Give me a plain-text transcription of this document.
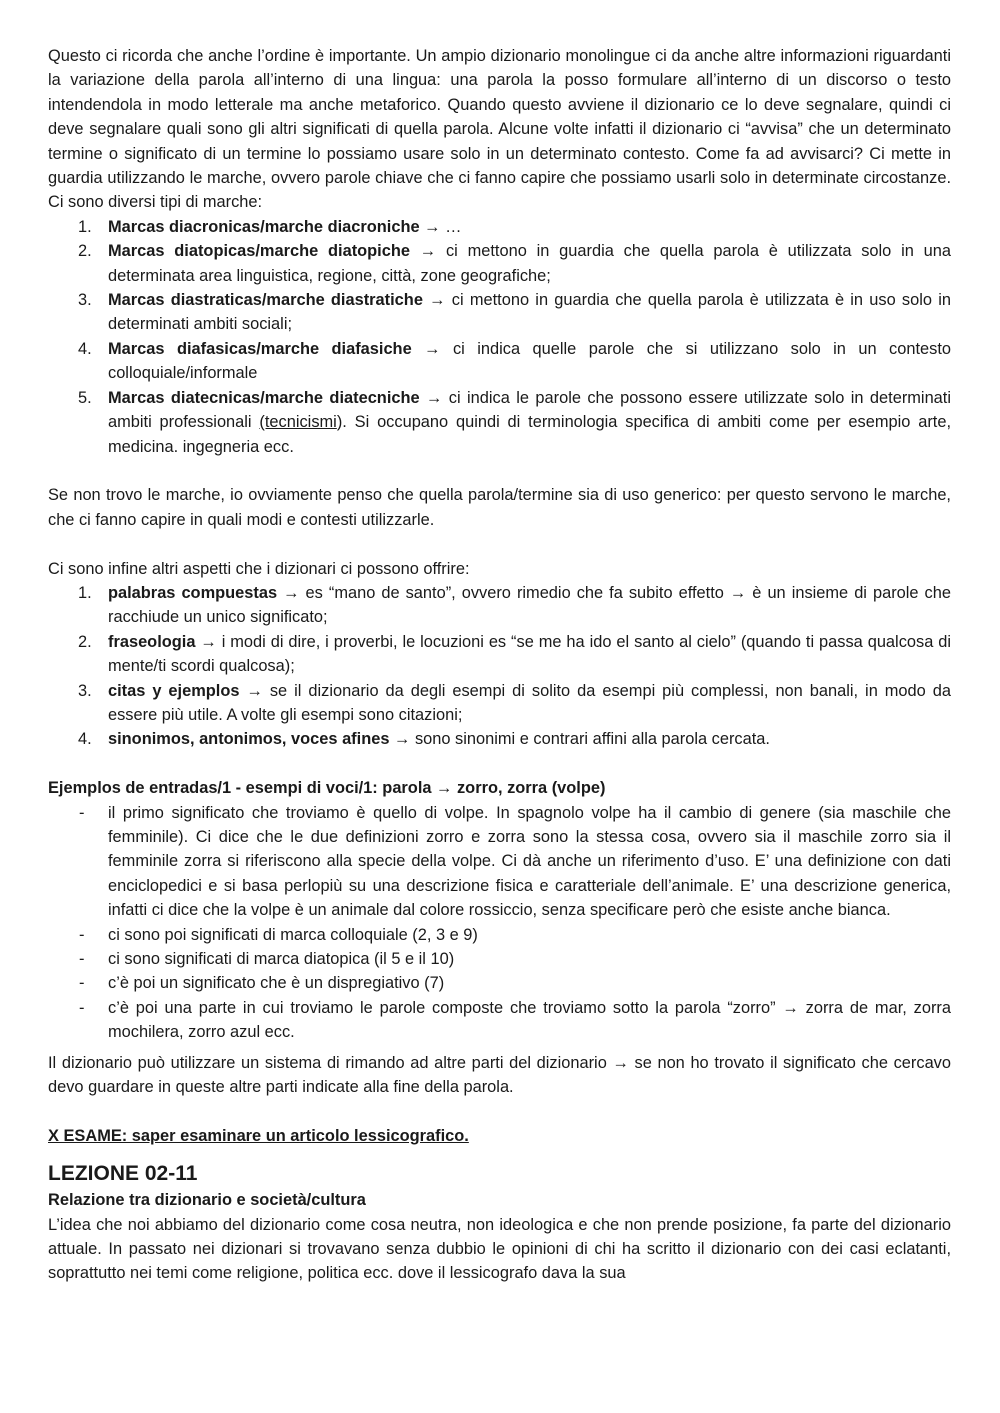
Questo ci ricorda che anche l’ordine è importante. Un ampio dizionario monolingue ci da anche altre informazioni riguardanti la variazione della parola all’interno di una lingua: una parola la posso formulare all’interno di un discorso o testo intendendola in modo letterale ma anche metaforico. Quando questo avviene il dizionario ce lo deve segnalare, quindi ci deve segnalare quali sono gli altri significati di quella parola. Alcune volte infatti il dizionario ci “avvisa” che un determinato termine o significato di un termine lo possiamo usare solo in un determinato contesto. Come fa ad avvisarci? Ci mette in guardia utilizzando le marche, ovvero parole chiave che ci fanno capire che possiamo usarli solo in determinate circostanze. Ci sono diversi tipi di marche:

1. Marcas diacronicas/marche diacroniche → …
2. Marcas diatopicas/marche diatopiche → ci mettono in guardia che quella parola è utilizzata solo in una determinata area linguistica, regione, città, zone geografiche;
3. Marcas diastraticas/marche diastratiche → ci mettono in guardia che quella parola è utilizzata è in uso solo in determinati ambiti sociali;
4. Marcas diafasicas/marche diafasiche → ci indica quelle parole che si utilizzano solo in un contesto colloquiale/informale
5. Marcas diatecnicas/marche diatecniche → ci indica le parole che possono essere utilizzate solo in determinati ambiti professionali (tecnicismi). Si occupano quindi di terminologia specifica di ambiti come per esempio arte, medicina. ingegneria ecc.

Se non trovo le marche, io ovviamente penso che quella parola/termine sia di uso generico: per questo servono le marche, che ci fanno capire in quali modi e contesti utilizzarle.

Ci sono infine altri aspetti che i dizionari ci possono offrire:

1. palabras compuestas → es “mano de santo”, ovvero rimedio che fa subito effetto → è un insieme di parole che racchiude un unico significato;
2. fraseologia → i modi di dire, i proverbi, le locuzioni es “se me ha ido el santo al cielo” (quando ti passa qualcosa di mente/ti scordi qualcosa);
3. citas y ejemplos → se il dizionario da degli esempi di solito da esempi più complessi, non banali, in modo da essere più utile. A volte gli esempi sono citazioni;
4. sinonimos, antonimos, voces afines → sono sinonimi e contrari affini alla parola cercata.

Ejemplos de entradas/1 - esempi di voci/1: parola → zorro, zorra (volpe)

- il primo significato che troviamo è quello di volpe. In spagnolo volpe ha il cambio di genere (sia maschile che femminile). Ci dice che le due definizioni zorro e zorra sono la stessa cosa, ovvero sia il maschile zorro sia il femminile zorra si riferiscono alla specie della volpe. Ci dà anche un riferimento d’uso. E’ una definizione con dati enciclopedici e si basa perlopiù su una descrizione fisica e caratteriale dell’animale. E’ una descrizione generica, infatti ci dice che la volpe è un animale dal colore rossiccio, senza specificare però che esiste anche bianca.
- ci sono poi significati di marca colloquiale (2, 3 e 9)
- ci sono significati di marca diatopica (il 5 e il 10)
- c’è poi un significato che è un dispregiativo (7)
- c’è poi una parte in cui troviamo le parole composte che troviamo sotto la parola “zorro” → zorra de mar, zorra mochilera, zorro azul ecc.

Il dizionario può utilizzare un sistema di rimando ad altre parti del dizionario → se non ho trovato il significato che cercavo devo guardare in queste altre parti indicate alla fine della parola.

X ESAME: saper esaminare un articolo lessicografico.

LEZIONE 02-11

Relazione tra dizionario e società/cultura

L’idea che noi abbiamo del dizionario come cosa neutra, non ideologica e che non prende posizione, fa parte del dizionario attuale. In passato nei dizionari si trovavano senza dubbio le opinioni di chi ha scritto il dizionario con dei casi eclatanti, soprattutto nei temi come religione, politica ecc. dove il lessicografo dava la sua
